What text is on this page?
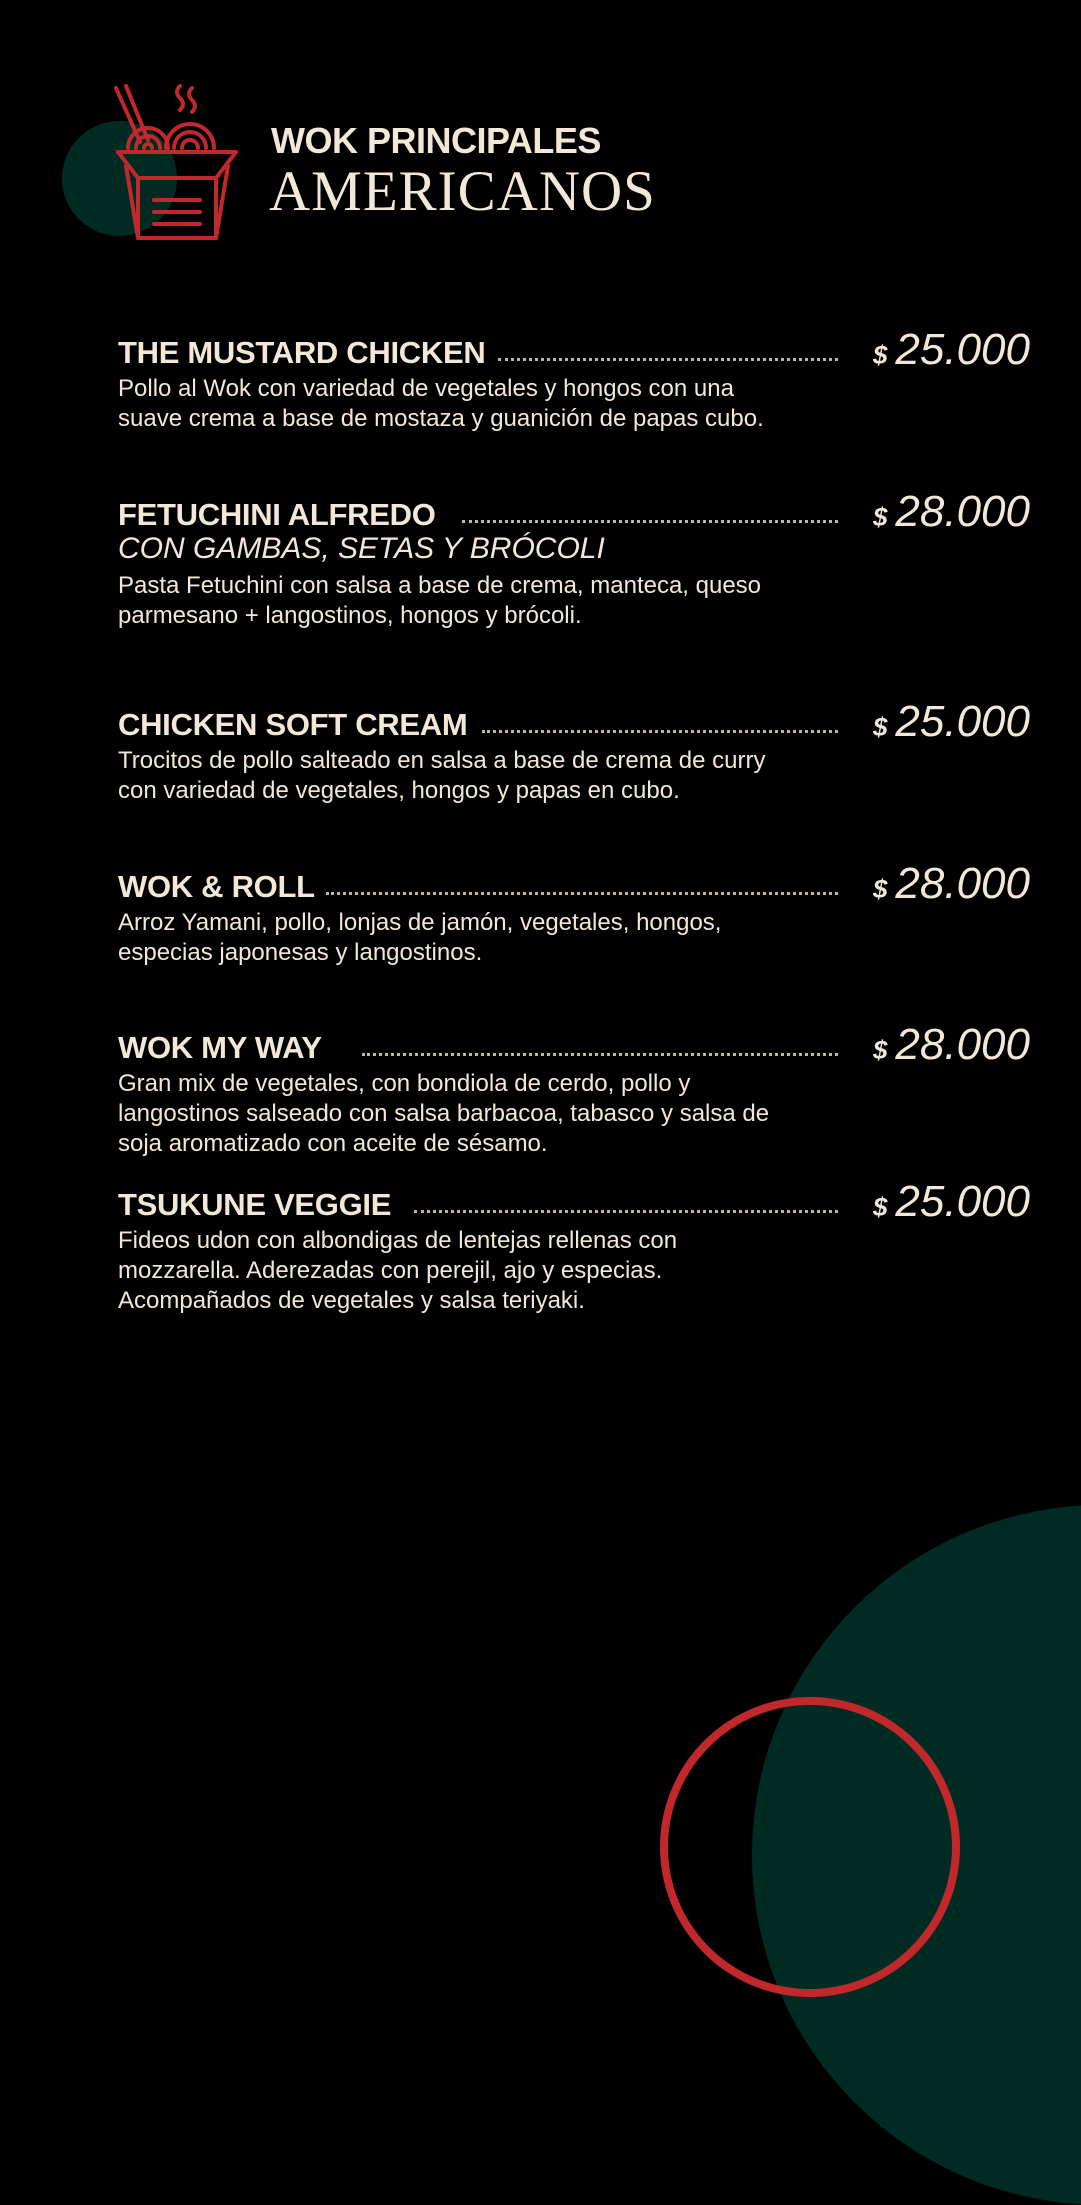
WOK PRINCIPALES
AMERICANOS
THE MUSTARD CHICKEN	$ 25.000
Pollo al Wok con variedad de vegetales y hongos con una suave crema a base de mostaza y guanición de papas cubo.
FETUCHINI ALFREDO	$ 28.000
CON GAMBAS, SETAS Y BRÓCOLI
Pasta Fetuchini con salsa a base de crema, manteca, queso parmesano + langostinos, hongos y brócoli.
CHICKEN SOFT CREAM	$ 25.000
Trocitos de pollo salteado en salsa a base de crema de curry con variedad de vegetales, hongos y papas en cubo.
WOK & ROLL	$ 28.000
Arroz Yamani, pollo, lonjas de jamón, vegetales, hongos, especias japonesas y langostinos.
WOK MY WAY	$ 28.000
Gran mix de vegetales, con bondiola de cerdo, pollo y langostinos salseado con salsa barbacoa, tabasco y salsa de soja aromatizado con aceite de sésamo.
TSUKUNE VEGGIE	$ 25.000
Fideos udon con albondigas de lentejas rellenas con mozzarella. Aderezadas con perejil, ajo y especias. Acompañados de vegetales y salsa teriyaki.
